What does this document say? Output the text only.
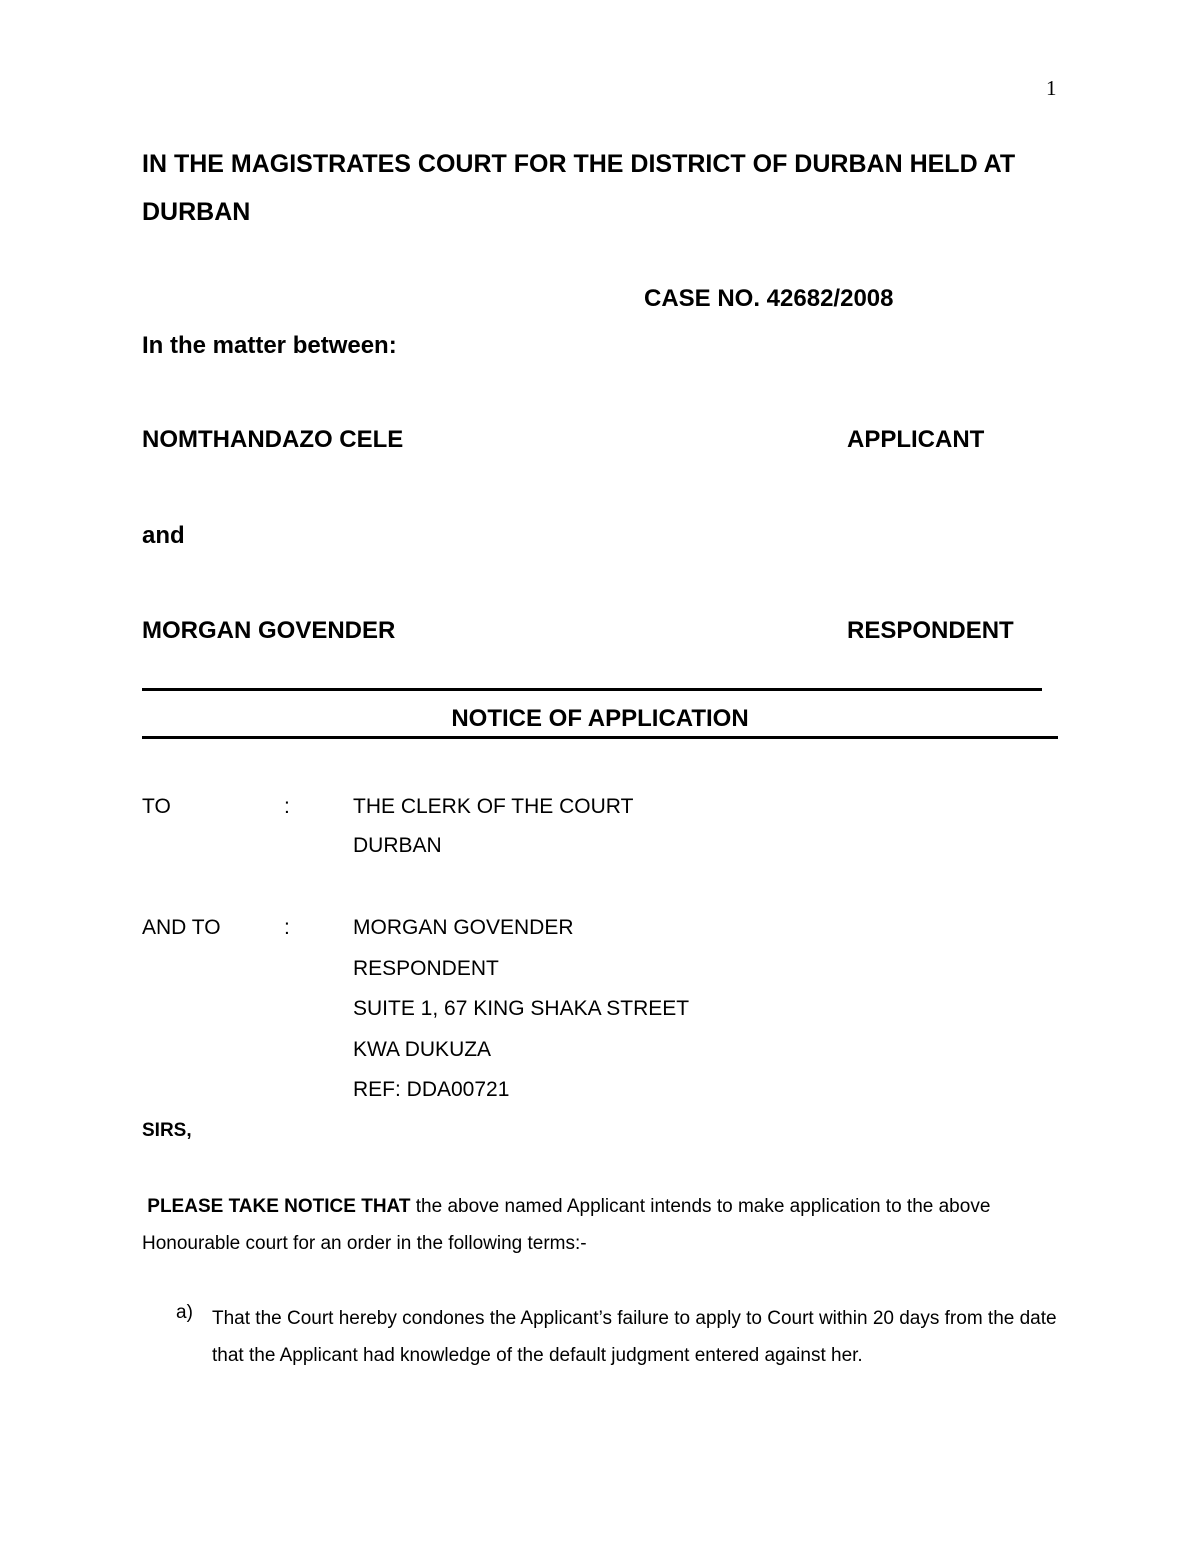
1
IN THE MAGISTRATES COURT FOR THE DISTRICT OF DURBAN HELD AT DURBAN
CASE NO. 42682/2008
In the matter between:
NOMTHANDAZO CELE	APPLICANT
and
MORGAN GOVENDER	RESPONDENT
NOTICE OF APPLICATION
TO	:	THE CLERK OF THE COURT
DURBAN
AND TO	:	MORGAN GOVENDER
RESPONDENT
SUITE 1, 67 KING SHAKA STREET
KWA DUKUZA
REF: DDA00721
SIRS,
PLEASE TAKE NOTICE THAT the above named Applicant intends to make application to the above Honourable court for an order in the following terms:-
a) That the Court hereby condones the Applicant’s failure to apply to Court within 20 days from the date that the Applicant had knowledge of the default judgment entered against her.
